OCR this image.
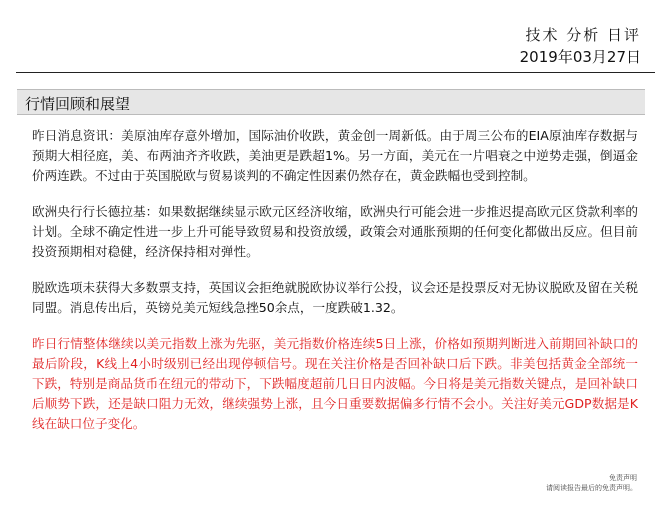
技术 分析 日评
2019年03月27日
行情回顾和展望

昨日消息资讯：美原油库存意外增加，国际油价收跌，黄金创一周新低。由于周三公布的EIA原油库存数据与预期大相径庭，美、布两油齐齐收跌，美油更是跌超1%。另一方面，美元在一片唱衰之中逆势走强，倒逼金价两连跌。不过由于英国脱欧与贸易谈判的不确定性因素仍然存在，黄金跌幅也受到控制。

欧洲央行行长德拉基：如果数据继续显示欧元区经济收缩，欧洲央行可能会进一步推迟提高欧元区贷款利率的计划。全球不确定性进一步上升可能导致贸易和投资放缓，政策会对通胀预期的任何变化都做出反应。但目前投资预期相对稳健，经济保持相对弹性。

脱欧选项未获得大多数票支持，英国议会拒绝就脱欧协议举行公投，议会还是投票反对无协议脱欧及留在关税同盟。消息传出后，英镑兑美元短线急挫50余点，一度跌破1.32。

昨日行情整体继续以美元指数上涨为先驱，美元指数价格连续5日上涨，价格如预期判断进入前期回补缺口的最后阶段，K线上4小时级别已经出现停顿信号。现在关注价格是否回补缺口后下跌。非美包括黄金全部统一下跌，特别是商品货币在纽元的带动下，下跌幅度超前几日日内波幅。今日将是美元指数关键点，是回补缺口后顺势下跌，还是缺口阻力无效，继续强势上涨，且今日重要数据偏多行情不会小。关注好美元GDP数据是K线在缺口位子变化。

免责声明
请阅读报告最后的免责声明。
